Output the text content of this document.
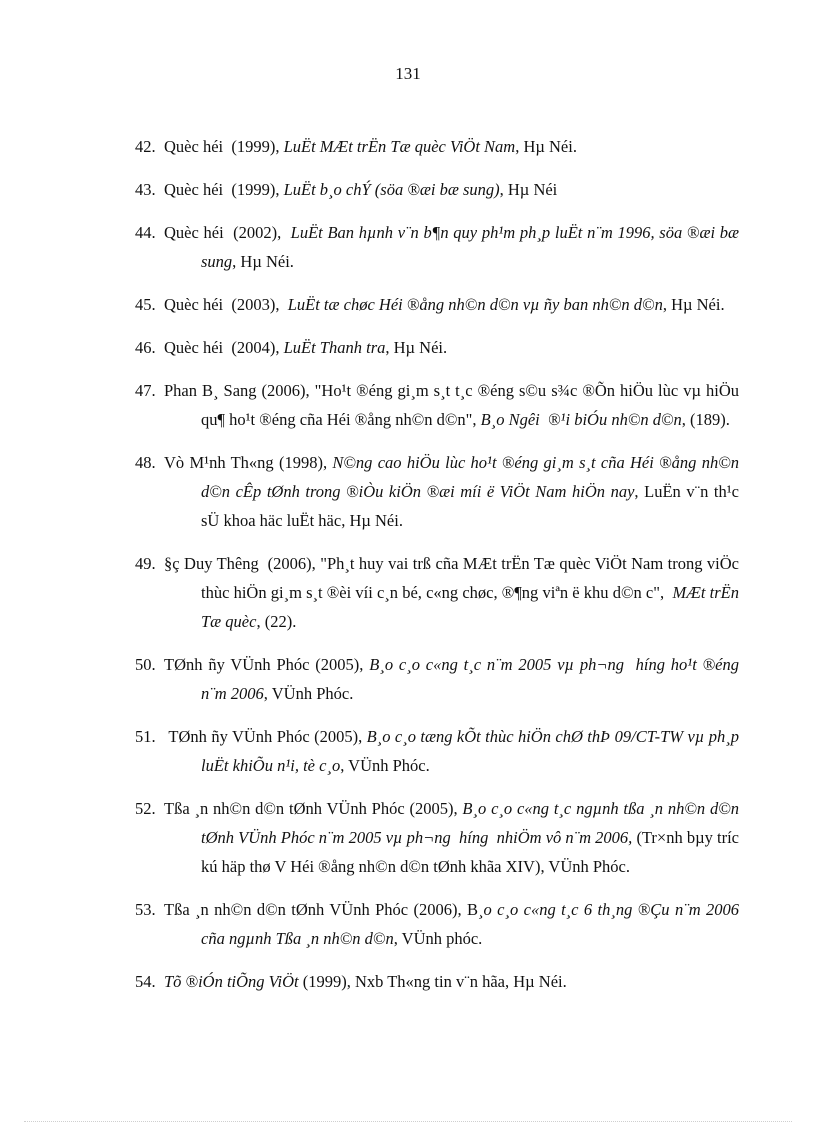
131
42. Quèc héi  (1999), LuËt MÆt trËn Tæ quèc ViÖt Nam, Hµ Néi.
43. Quèc héi  (1999), LuËt b¸o chÝ (söa ®æi bæ sung), Hµ Néi
44. Quèc héi  (2002),  LuËt Ban hµnh v¨n b¶n quy ph¹m ph¸p luËt n¨m 1996, söa ®æi bæ sung, Hµ Néi.
45. Quèc héi  (2003),  LuËt tæ chøc Héi ®ång nh©n d©n vµ ñy ban nh©n d©n, Hµ Néi.
46. Quèc héi  (2004), LuËt Thanh tra, Hµ Néi.
47. Phan B¸ Sang (2006), "Ho¹t ®éng gi¸m s¸t t¸c ®éng s©u s¾c ®Õn hiÖu lùc vµ hiÖu qu¶ ho¹t ®éng cña Héi ®ång nh©n d©n", B¸o Ngêi  ®¹i biÓu nh©n d©n, (189).
48. Vò M¹nh Th«ng (1998), N©ng cao hiÖu lùc ho¹t ®éng gi¸m s¸t cña Héi ®ång nh©n d©n cÊp tØnh trong ®iÒu kiÖn ®æi míi ë ViÖt Nam hiÖn nay, LuËn v¨n th¹c sÜ khoa häc luËt häc, Hµ Néi.
49. §ç Duy Thêng  (2006), "Ph¸t huy vai trß cña MÆt trËn Tæ quèc ViÖt Nam trong viÖc thùc hiÖn gi¸m s¸t ®èi víi c¸n bé, c«ng chøc, ®¶ng viªn ë khu d©n c",  MÆt trËn Tæ quèc, (22).
50. TØnh ñy VÜnh Phóc (2005), B¸o c¸o c«ng t¸c n¨m 2005 vµ ph¬ng  híng ho¹t ®éng n¨m 2006, VÜnh Phóc.
51. TØnh ñy VÜnh Phóc (2005), B¸o c¸o tæng kÕt thùc hiÖn chØ thÞ 09/CT-TW vµ ph¸p luËt khiÕu n¹i, tè c¸o, VÜnh Phóc.
52. Tßa ¸n nh©n d©n tØnh VÜnh Phóc (2005), B¸o c¸o c«ng t¸c ngµnh tßa ¸n nh©n d©n tØnh VÜnh Phóc n¨m 2005 vµ ph¬ng  híng  nhiÖm vô n¨m 2006, (Tr×nh bµy tríc  kú häp thø V Héi ®ång nh©n d©n tØnh khãa XIV), VÜnh Phóc.
53. Tßa ¸n nh©n d©n tØnh VÜnh Phóc (2006), B¸o c¸o c«ng t¸c 6 th¸ng ®Çu n¨m 2006 cña ngµnh Tßa ¸n nh©n d©n, VÜnh phóc.
54. Tõ ®iÓn tiÕng ViÖt (1999), Nxb Th«ng tin v¨n hãa, Hµ Néi.
